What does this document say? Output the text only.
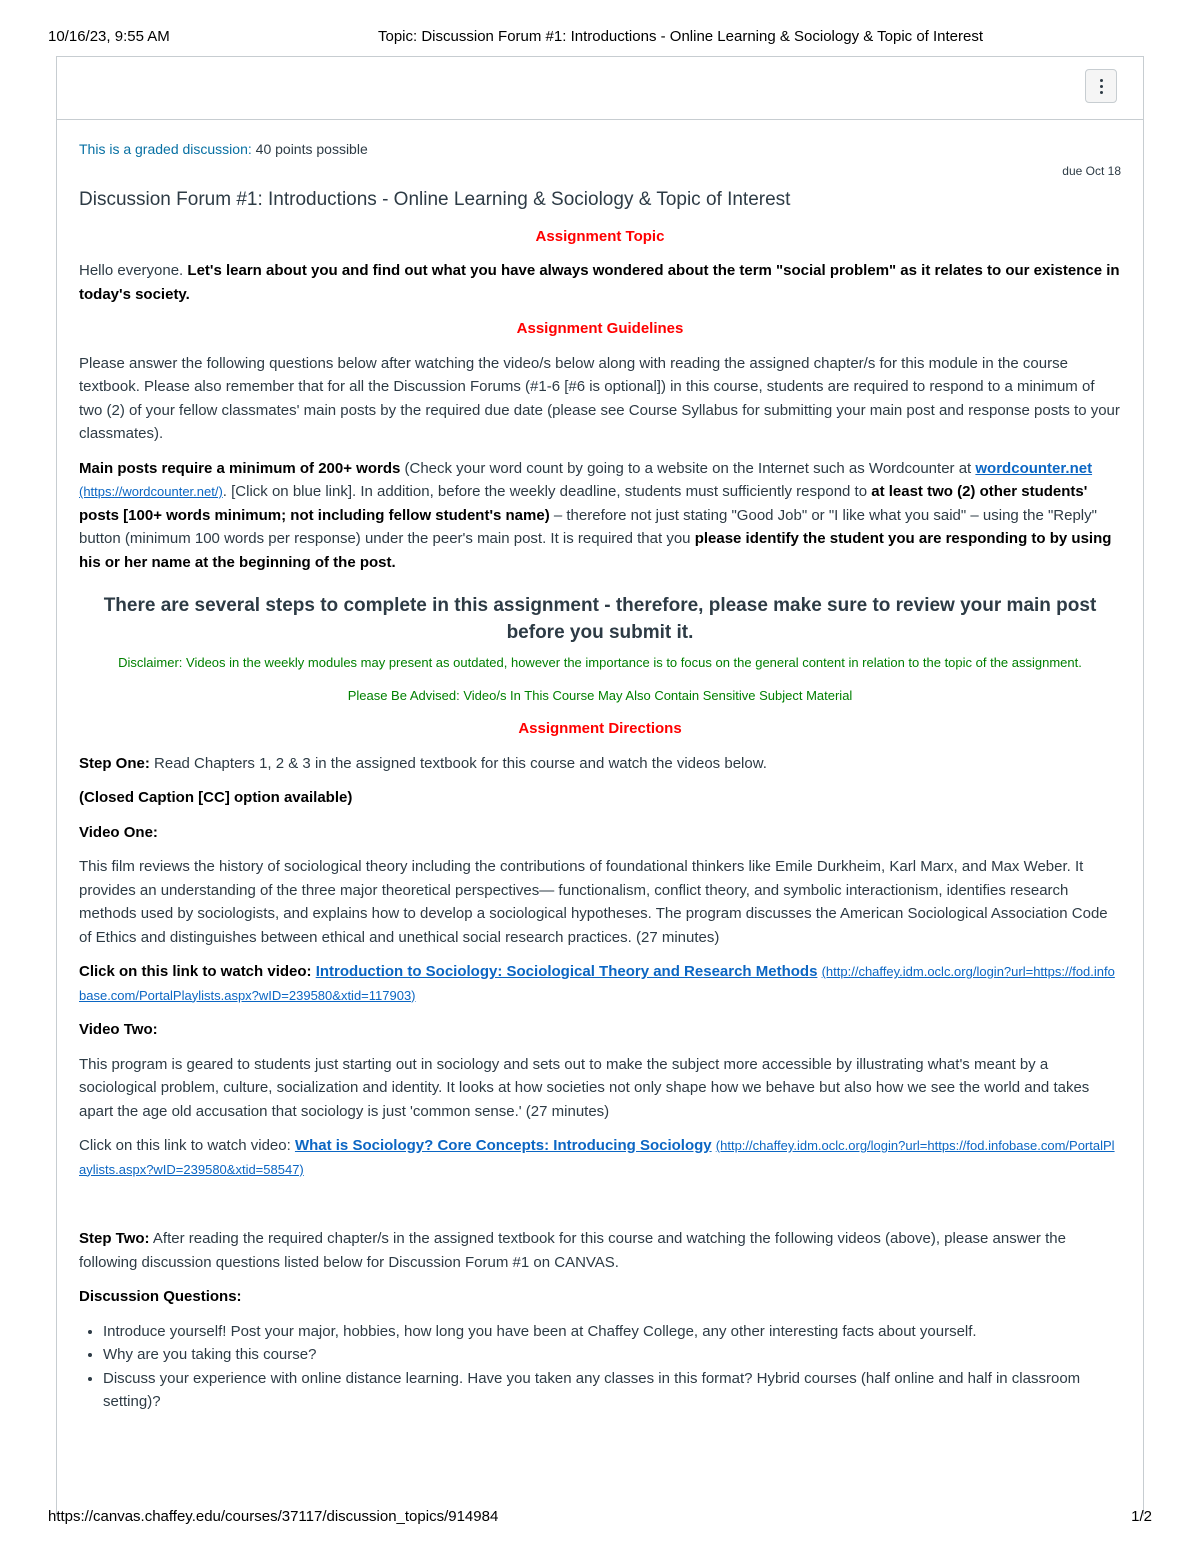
10/16/23, 9:55 AM	Topic: Discussion Forum #1: Introductions - Online Learning & Sociology & Topic of Interest
This is a graded discussion: 40 points possible
due Oct 18
Discussion Forum #1: Introductions - Online Learning & Sociology & Topic of Interest
Assignment Topic

Hello everyone. Let's learn about you and find out what you have always wondered about the term "social problem" as it relates to our existence in today's society.

Assignment Guidelines

Please answer the following questions below after watching the video/s below along with reading the assigned chapter/s for this module in the course textbook. Please also remember that for all the Discussion Forums (#1-6 [#6 is optional]) in this course, students are required to respond to a minimum of two (2) of your fellow classmates' main posts by the required due date (please see Course Syllabus for submitting your main post and response posts to your classmates).

Main posts require a minimum of 200+ words (Check your word count by going to a website on the Internet such as Wordcounter at wordcounter.net (https://wordcounter.net/). [Click on blue link]. In addition, before the weekly deadline, students must sufficiently respond to at least two (2) other students' posts [100+ words minimum; not including fellow student's name) – therefore not just stating "Good Job" or "I like what you said" – using the "Reply" button (minimum 100 words per response) under the peer's main post. It is required that you please identify the student you are responding to by using his or her name at the beginning of the post.

There are several steps to complete in this assignment - therefore, please make sure to review your main post before you submit it.
Disclaimer: Videos in the weekly modules may present as outdated, however the importance is to focus on the general content in relation to the topic of the assignment.
Please Be Advised: Video/s In This Course May Also Contain Sensitive Subject Material
Assignment Directions

Step One: Read Chapters 1, 2 & 3 in the assigned textbook for this course and watch the videos below.

(Closed Caption [CC] option available)

Video One:

This film reviews the history of sociological theory including the contributions of foundational thinkers like Emile Durkheim, Karl Marx, and Max Weber. It provides an understanding of the three major theoretical perspectives— functionalism, conflict theory, and symbolic interactionism, identifies research methods used by sociologists, and explains how to develop a sociological hypotheses. The program discusses the American Sociological Association Code of Ethics and distinguishes between ethical and unethical social research practices. (27 minutes)

Click on this link to watch video: Introduction to Sociology: Sociological Theory and Research Methods (http://chaffey.idm.oclc.org/login?url=https://fod.infobase.com/PortalPlaylists.aspx?wID=239580&xtid=117903)

Video Two:

This program is geared to students just starting out in sociology and sets out to make the subject more accessible by illustrating what's meant by a sociological problem, culture, socialization and identity. It looks at how societies not only shape how we behave but also how we see the world and takes apart the age old accusation that sociology is just 'common sense.' (27 minutes)

Click on this link to watch video: What is Sociology? Core Concepts: Introducing Sociology (http://chaffey.idm.oclc.org/login?url=https://fod.infobase.com/PortalPlaylists.aspx?wID=239580&xtid=58547)

Step Two: After reading the required chapter/s in the assigned textbook for this course and watching the following videos (above), please answer the following discussion questions listed below for Discussion Forum #1 on CANVAS.

Discussion Questions:

• Introduce yourself! Post your major, hobbies, how long you have been at Chaffey College, any other interesting facts about yourself.
• Why are you taking this course?
• Discuss your experience with online distance learning. Have you taken any classes in this format? Hybrid courses (half online and half in classroom setting)?
https://canvas.chaffey.edu/courses/37117/discussion_topics/914984	1/2
